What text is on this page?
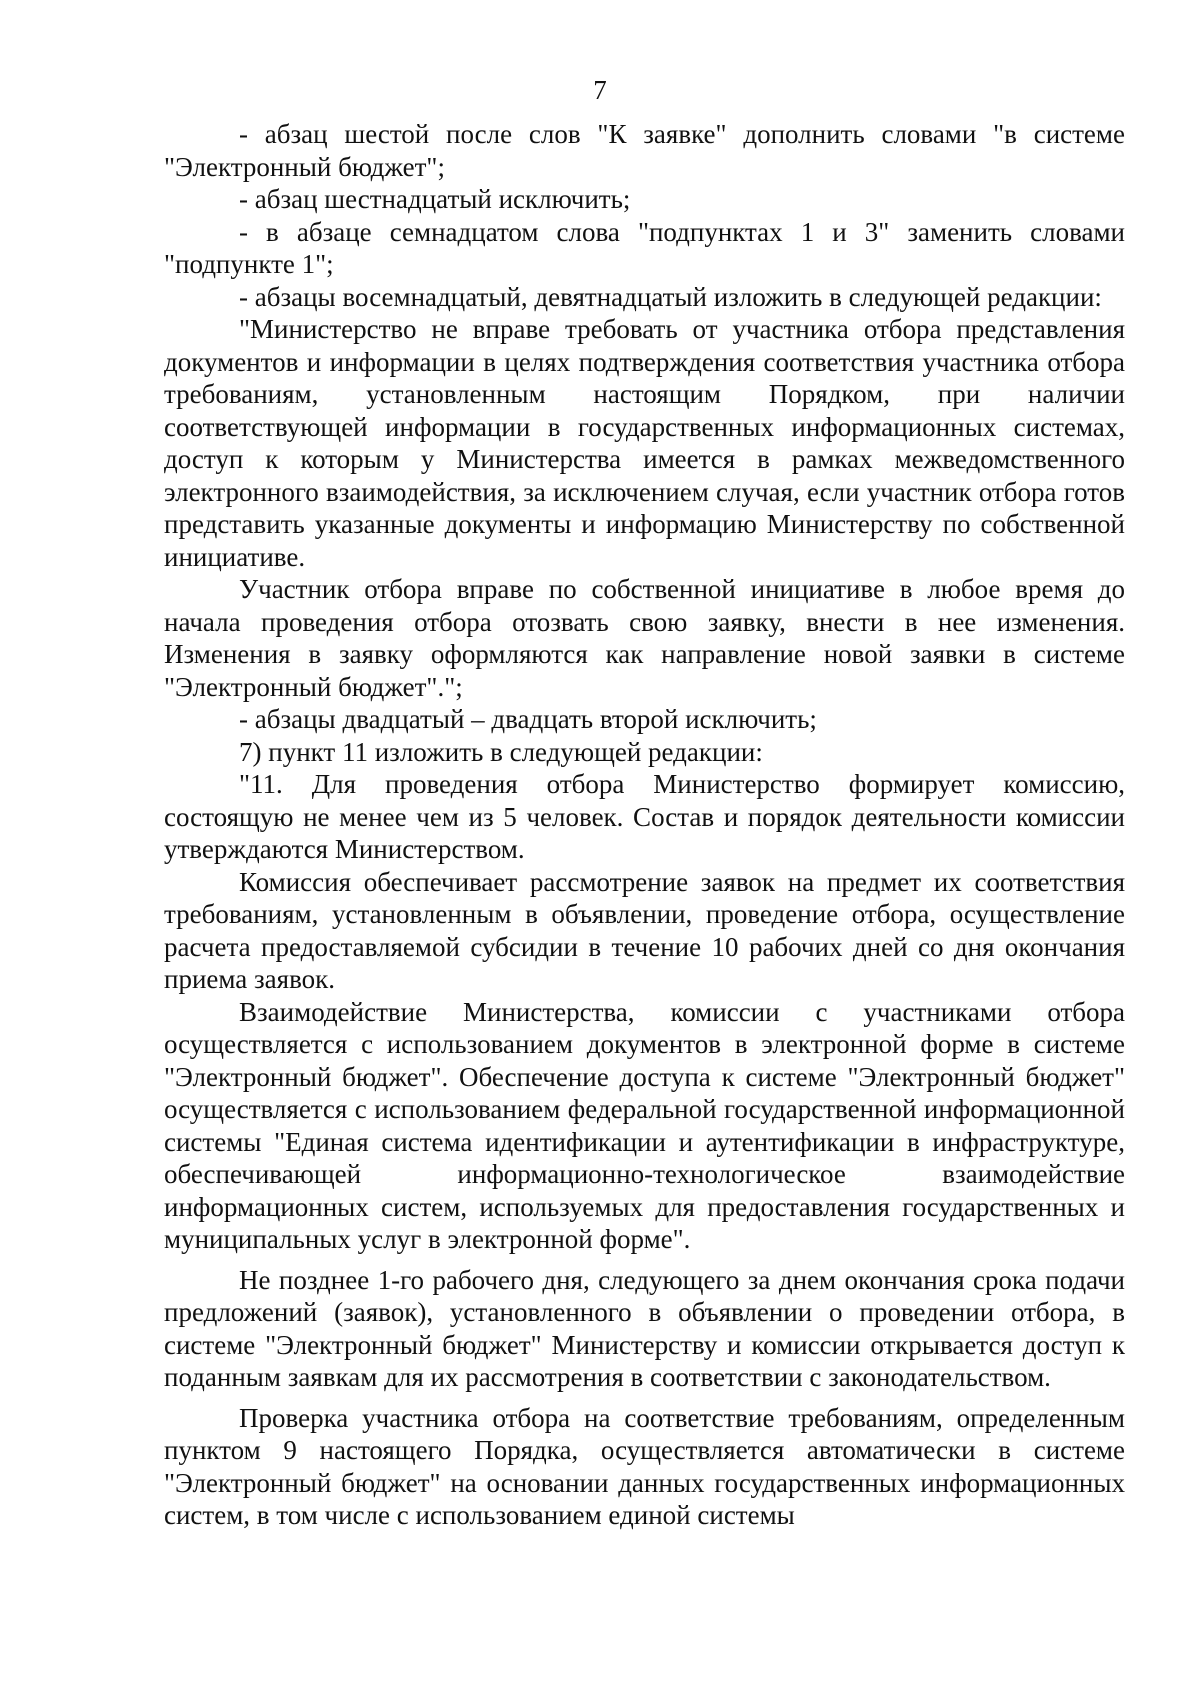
7

- абзац шестой после слов "К заявке" дополнить словами "в системе "Электронный бюджет";

- абзац шестнадцатый исключить;

- в абзаце семнадцатом слова "подпунктах 1 и 3" заменить словами "подпункте 1";

- абзацы восемнадцатый, девятнадцатый изложить в следующей редакции:

"Министерство не вправе требовать от участника отбора представления документов и информации в целях подтверждения соответствия участника отбора требованиям, установленным настоящим Порядком, при наличии соответствующей информации в государственных информационных системах, доступ к которым у Министерства имеется в рамках межведомственного электронного взаимодействия, за исключением случая, если участник отбора готов представить указанные документы и информацию Министерству по собственной инициативе.

Участник отбора вправе по собственной инициативе в любое время до начала проведения отбора отозвать свою заявку, внести в нее изменения. Изменения в заявку оформляются как направление новой заявки в системе "Электронный бюджет".";

- абзацы двадцатый – двадцать второй исключить;

7) пункт 11 изложить в следующей редакции:

"11. Для проведения отбора Министерство формирует комиссию, состоящую не менее чем из 5 человек. Состав и порядок деятельности комиссии утверждаются Министерством.

Комиссия обеспечивает рассмотрение заявок на предмет их соответствия требованиям, установленным в объявлении, проведение отбора, осуществление расчета предоставляемой субсидии в течение 10 рабочих дней со дня окончания приема заявок.

Взаимодействие Министерства, комиссии с участниками отбора осуществляется с использованием документов в электронной форме в системе "Электронный бюджет". Обеспечение доступа к системе "Электронный бюджет" осуществляется с использованием федеральной государственной информационной системы "Единая система идентификации и аутентификации в инфраструктуре, обеспечивающей информационно-технологическое взаимодействие информационных систем, используемых для предоставления государственных и муниципальных услуг в электронной форме".

Не позднее 1-го рабочего дня, следующего за днем окончания срока подачи предложений (заявок), установленного в объявлении о проведении отбора, в системе "Электронный бюджет" Министерству и комиссии открывается доступ к поданным заявкам для их рассмотрения в соответствии с законодательством.

Проверка участника отбора на соответствие требованиям, определенным пунктом 9 настоящего Порядка, осуществляется автоматически в системе "Электронный бюджет" на основании данных государственных информационных систем, в том числе с использованием единой системы
